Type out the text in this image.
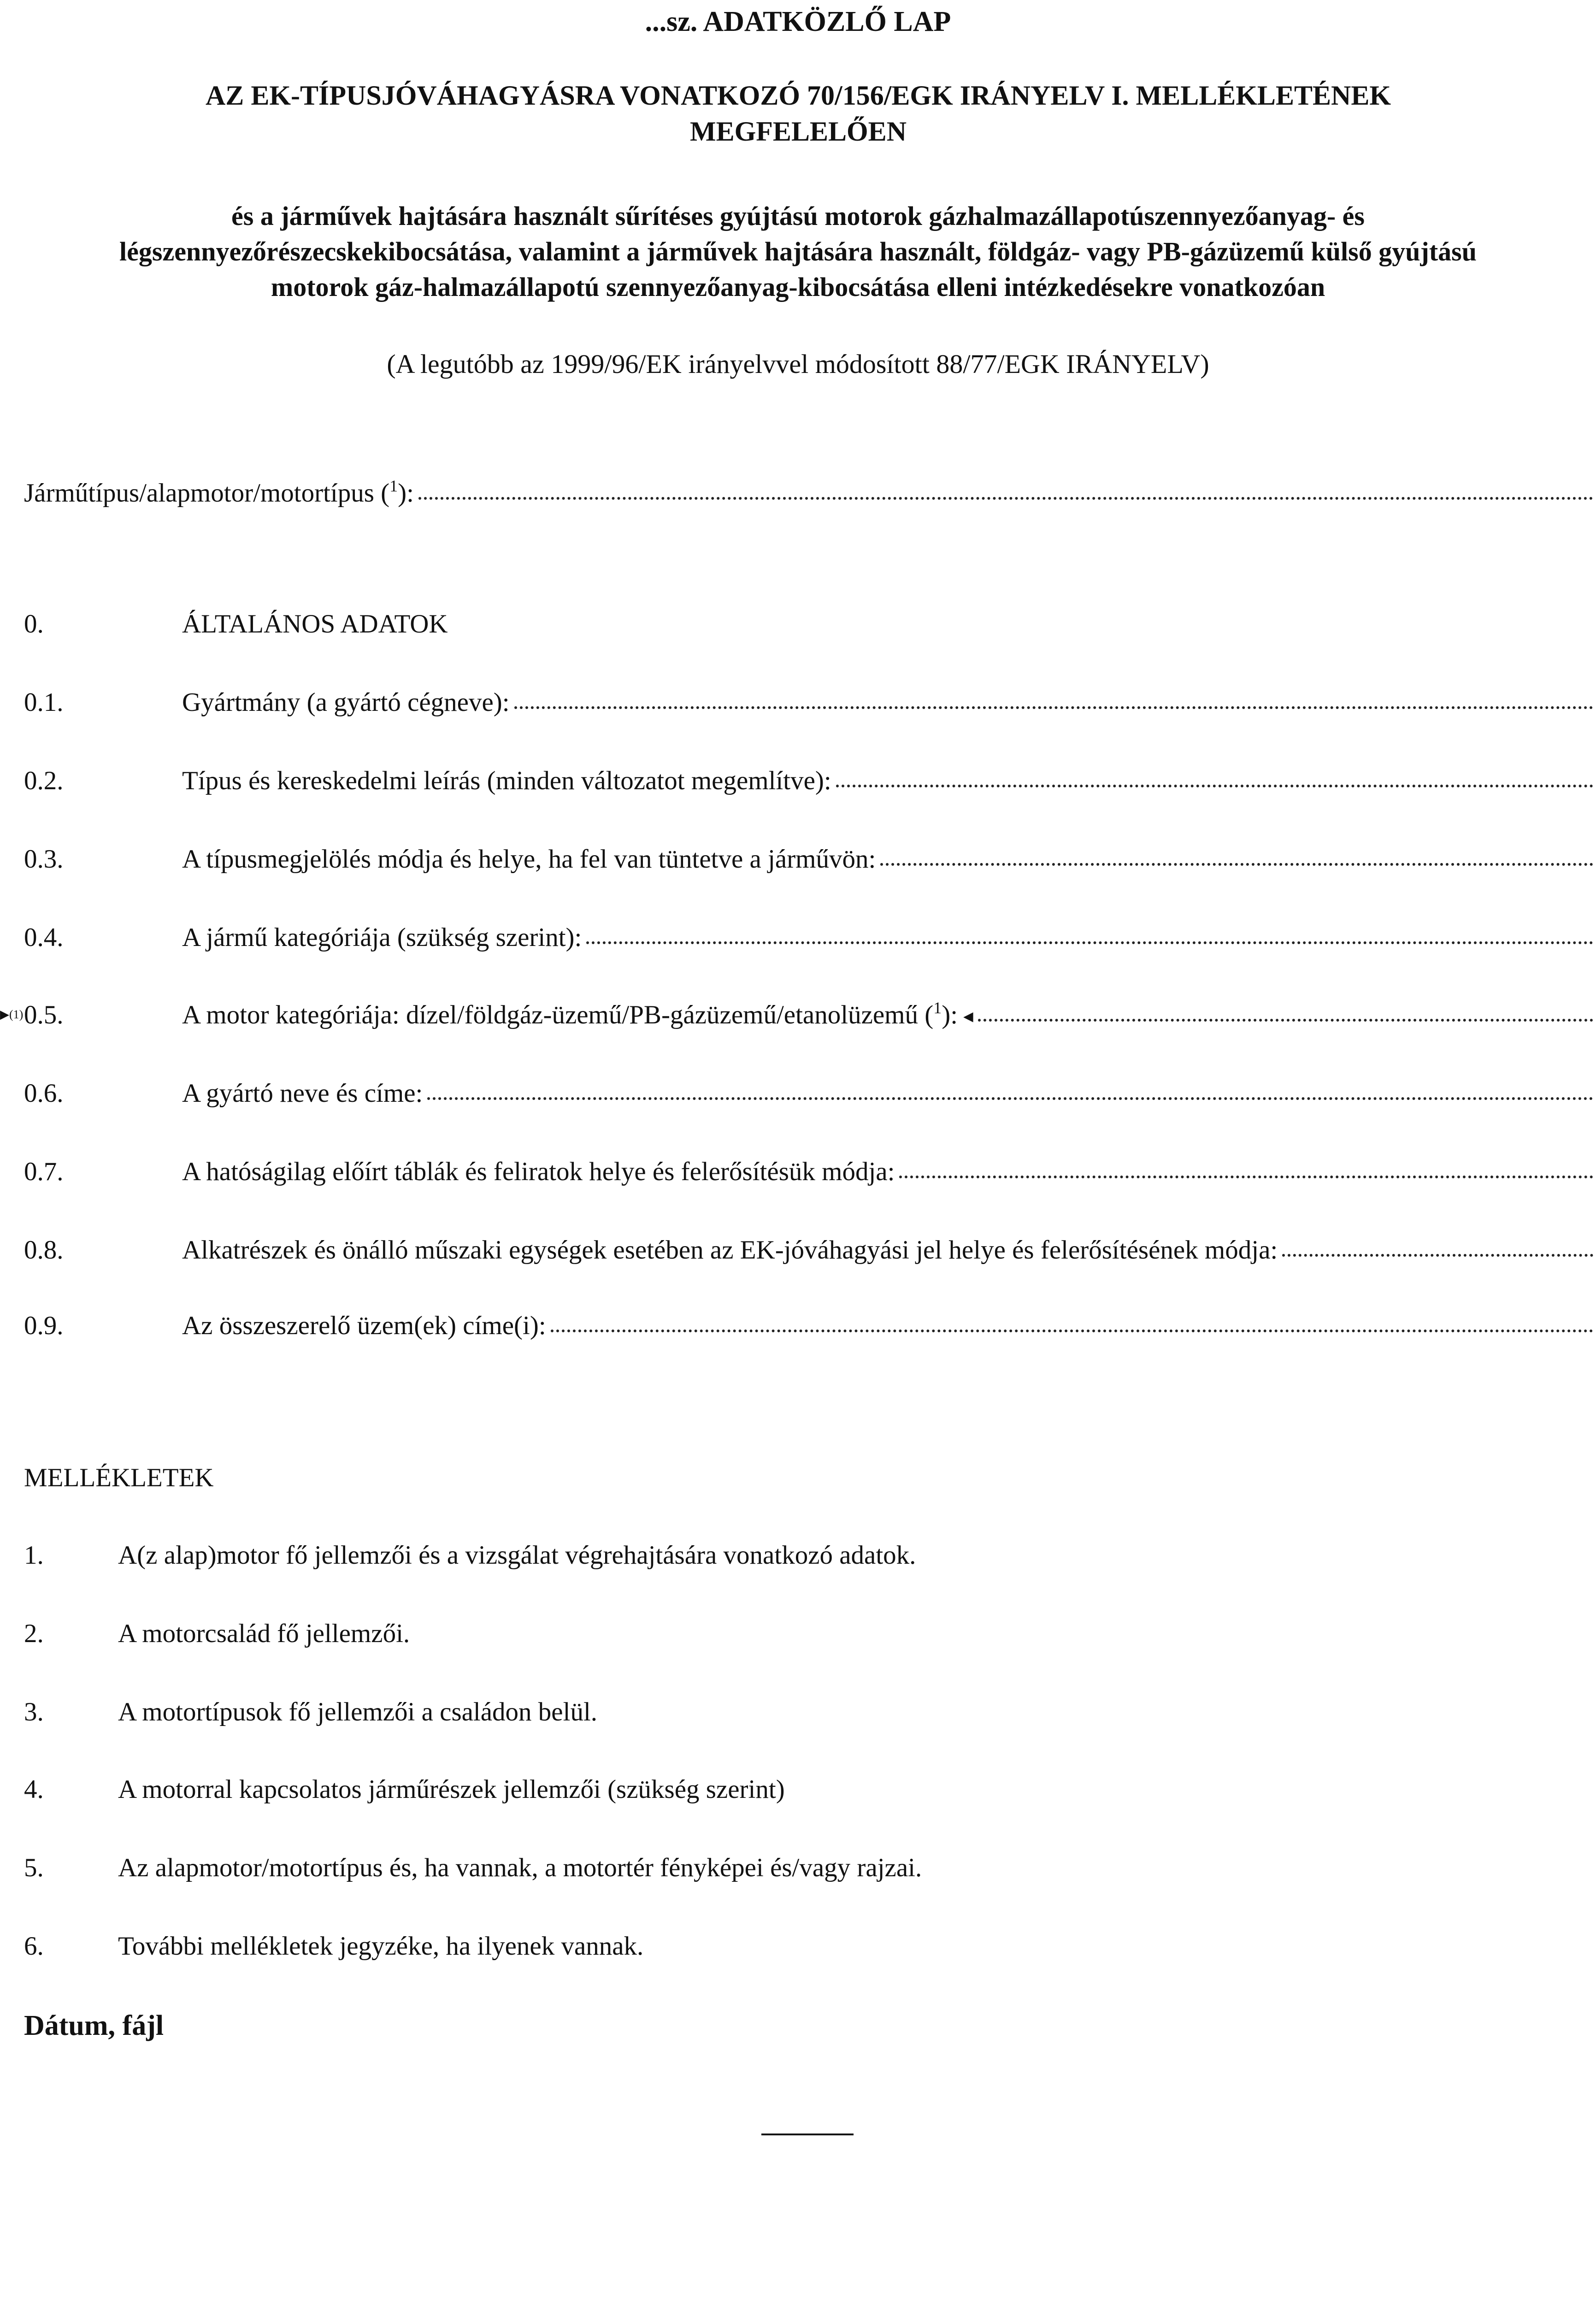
...sz. ADATKÖZLŐ LAP
AZ EK-TÍPUSJÓVÁHAGYÁSRA VONATKOZÓ 70/156/EGK IRÁNYELV I. MELLÉKLETÉNEK
MEGFELELŐEN
és a járművek hajtására használt sűrítéses gyújtású motorok gázhalmazállapotúszennyezőanyag- és légszennyezőrészecskekibocsátása, valamint a járművek hajtására használt, földgáz- vagy PB-gázüzemű külső gyújtású motorok gáz-halmazállapotú szennyezőanyag-kibocsátása elleni intézkedésekre vonatkozóan
(A legutóbb az 1999/96/EK irányelvvel módosított 88/77/EGK IRÁNYELV)
Járműtípus/alapmotor/motortípus ($^1$):
0.	ÁLTALÁNOS ADATOK
0.1.	Gyártmány (a gyártó cégneve):
0.2.	Típus és kereskedelmi leírás (minden változatot megemlítve):
0.3.	A típusmegjelölés módja és helye, ha fel van tüntetve a járművön:
0.4.	A jármű kategóriája (szükség szerint):
▶(1) 0.5.	A motor kategóriája: dízel/földgáz-üzemű/PB-gázüzemű/etanolüzemű ($^1$): ◀
0.6.	A gyártó neve és címe:
0.7.	A hatóságilag előírt táblák és feliratok helye és felerősítésük módja:
0.8.	Alkatrészek és önálló műszaki egységek esetében az EK-jóváhagyási jel helye és felerősítésének módja:
0.9.	Az összeszerelő üzem(ek) címe(i):
MELLÉKLETEK
1.	A(z alap)motor fő jellemzői és a vizsgálat végrehajtására vonatkozó adatok.
2.	A motorcsalád fő jellemzői.
3.	A motortípusok fő jellemzői a családon belül.
4.	A motorral kapcsolatos járműrészek jellemzői (szükség szerint)
5.	Az alapmotor/motortípus és, ha vannak, a motortér fényképei és/vagy rajzai.
6.	További mellékletek jegyzéke, ha ilyenek vannak.
Dátum, fájl
